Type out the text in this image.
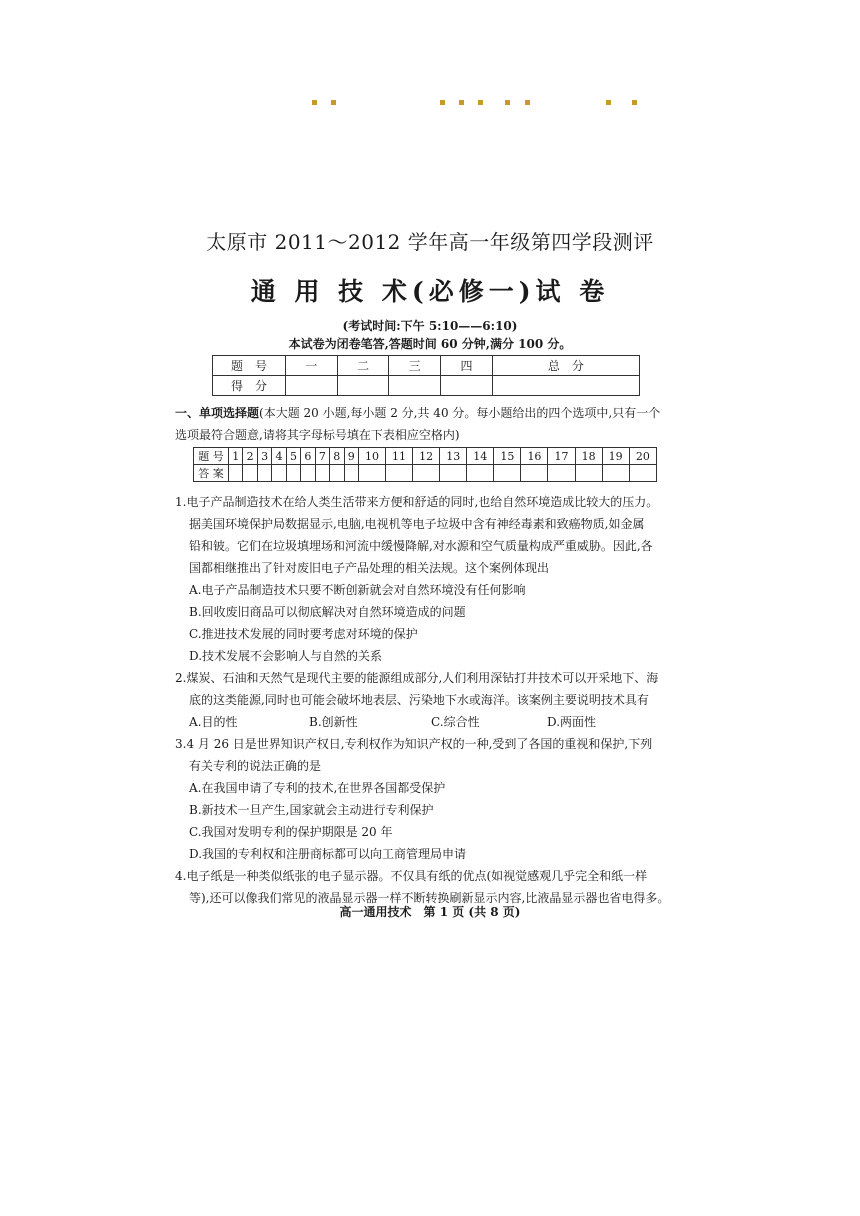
太原市 2011～2012 学年高一年级第四学段测评
通 用 技 术(必修一)试 卷
(考试时间:下午 5:10——6:10)
本试卷为闭卷笔答,答题时间 60 分钟,满分 100 分。
题　号	一	二	三	四	总　分
得　分					
一、单项选择题(本大题 20 小题,每小题 2 分,共 40 分。每小题给出的四个选项中,只有一个选项最符合题意,请将其字母标号填在下表相应空格内)
题 号	1	2	3	4	5	6	7	8	9	10	11	12	13	14	15	16	17	18	19	20
答 案																				
1.电子产品制造技术在给人类生活带来方便和舒适的同时,也给自然环境造成比较大的压力。
据美国环境保护局数据显示,电脑,电视机等电子垃圾中含有神经毒素和致癌物质,如金属
铅和铍。它们在垃圾填埋场和河流中缓慢降解,对水源和空气质量构成严重威胁。因此,各
国都相继推出了针对废旧电子产品处理的相关法规。这个案例体现出
A.电子产品制造技术只要不断创新就会对自然环境没有任何影响
B.回收废旧商品可以彻底解决对自然环境造成的问题
C.推进技术发展的同时要考虑对环境的保护
D.技术发展不会影响人与自然的关系
2.煤炭、石油和天然气是现代主要的能源组成部分,人们利用深钻打井技术可以开采地下、海
底的这类能源,同时也可能会破坏地表层、污染地下水或海洋。该案例主要说明技术具有
A.目的性	B.创新性	C.综合性	D.两面性
3.4 月 26 日是世界知识产权日,专利权作为知识产权的一种,受到了各国的重视和保护,下列
有关专利的说法正确的是
A.在我国申请了专利的技术,在世界各国都受保护
B.新技术一旦产生,国家就会主动进行专利保护
C.我国对发明专利的保护期限是 20 年
D.我国的专利权和注册商标都可以向工商管理局申请
4.电子纸是一种类似纸张的电子显示器。不仅具有纸的优点(如视觉感观几乎完全和纸一样
等),还可以像我们常见的液晶显示器一样不断转换刷新显示内容,比液晶显示器也省电得多。
高一通用技术　第 1 页 (共 8 页)
